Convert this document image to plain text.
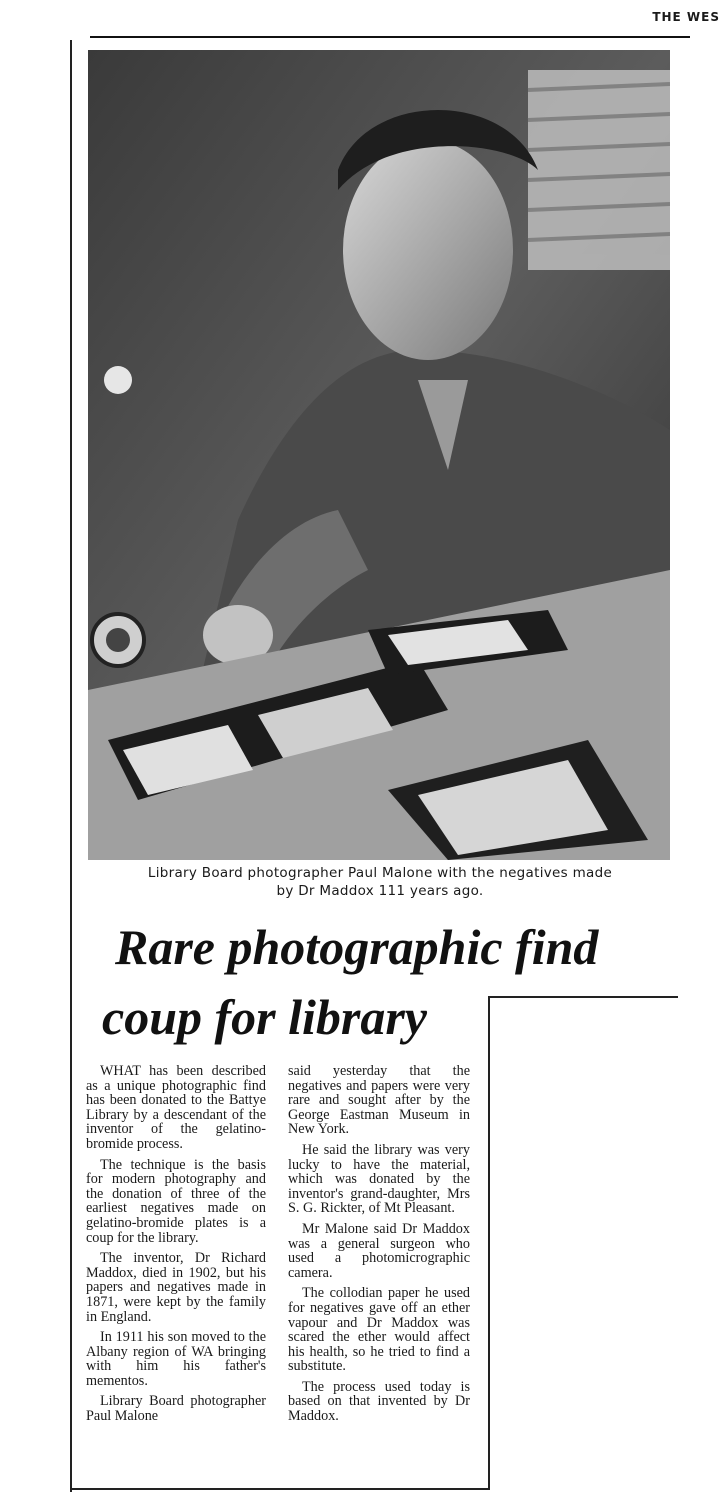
THE WES
Library Board photographer Paul Malone with the negatives made
by Dr Maddox 111 years ago.
Rare photographic find
coup for library

WHAT has been described as a unique photographic find has been donated to the Battye Library by a descendant of the inventor of the gelatino-bromide process.

The technique is the basis for modern photography and the donation of three of the earliest negatives made on gelatino-bromide plates is a coup for the library.

The inventor, Dr Richard Maddox, died in 1902, but his papers and negatives made in 1871, were kept by the family in England.

In 1911 his son moved to the Albany region of WA bringing with him his father's mementos.

Library Board photographer Paul Malone

said yesterday that the negatives and papers were very rare and sought after by the George Eastman Museum in New York.

He said the library was very lucky to have the material, which was donated by the inventor's grand-daughter, Mrs S. G. Rickter, of Mt Pleasant.

Mr Malone said Dr Maddox was a general surgeon who used a photomicrographic camera.

The collodian paper he used for negatives gave off an ether vapour and Dr Maddox was scared the ether would affect his health, so he tried to find a substitute.

The process used today is based on that invented by Dr Maddox.
